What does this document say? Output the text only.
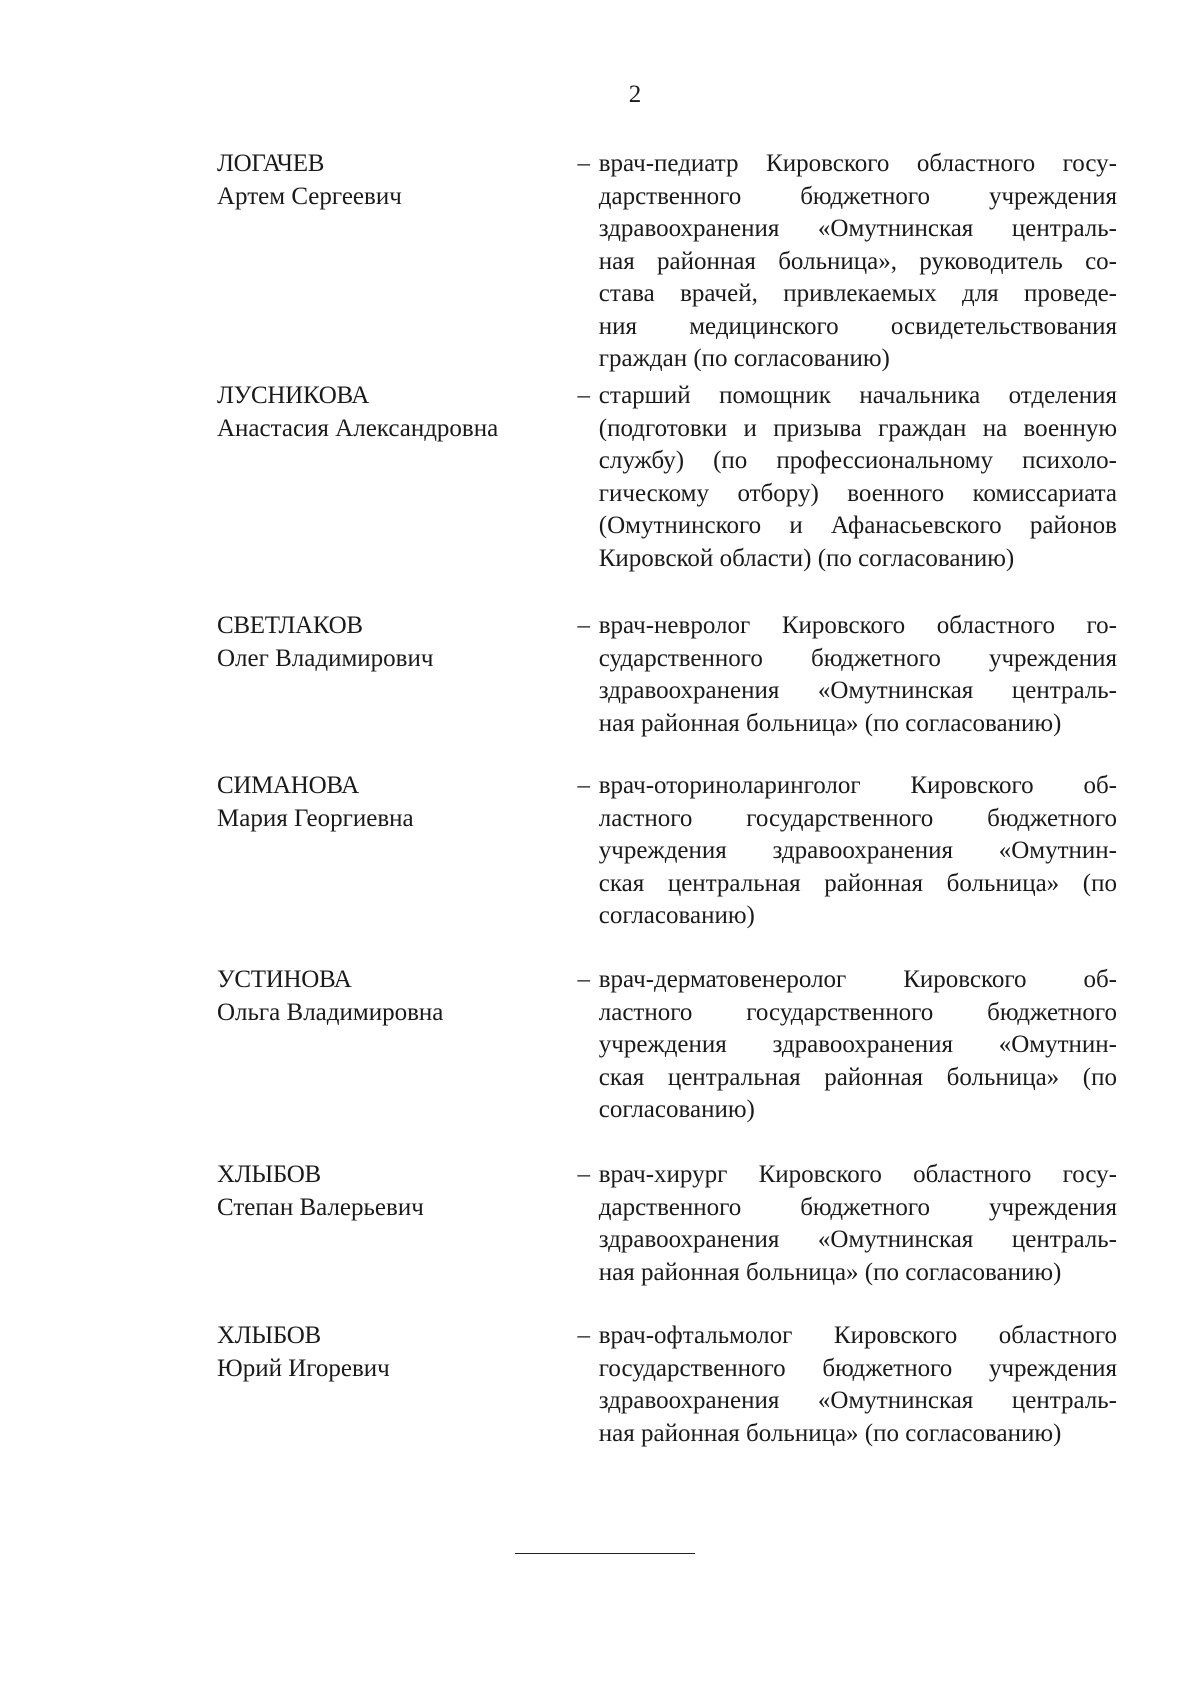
2
ЛОГАЧЕВ
Артем Сергеевич
– врач-педиатр Кировского областного госу-
дарственного бюджетного учреждения
здравоохранения «Омутнинская централь-
ная районная больница», руководитель со-
става врачей, привлекаемых для проведе-
ния медицинского освидетельствования
граждан (по согласованию)
ЛУСНИКОВА
Анастасия Александровна
– старший помощник начальника отделения
(подготовки и призыва граждан на военную
службу) (по профессиональному психоло-
гическому отбору) военного комиссариата
(Омутнинского и Афанасьевского районов
Кировской области) (по согласованию)
СВЕТЛАКОВ
Олег Владимирович
– врач-невролог Кировского областного го-
сударственного бюджетного учреждения
здравоохранения «Омутнинская централь-
ная районная больница» (по согласованию)
СИМАНОВА
Мария Георгиевна
– врач-оториноларинголог Кировского об-
ластного государственного бюджетного
учреждения здравоохранения «Омутнин-
ская центральная районная больница» (по
согласованию)
УСТИНОВА
Ольга Владимировна
– врач-дерматовенеролог Кировского об-
ластного государственного бюджетного
учреждения здравоохранения «Омутнин-
ская центральная районная больница» (по
согласованию)
ХЛЫБОВ
Степан Валерьевич
– врач-хирург Кировского областного госу-
дарственного бюджетного учреждения
здравоохранения «Омутнинская централь-
ная районная больница» (по согласованию)
ХЛЫБОВ
Юрий Игоревич
– врач-офтальмолог Кировского областного
государственного бюджетного учреждения
здравоохранения «Омутнинская централь-
ная районная больница» (по согласованию)
